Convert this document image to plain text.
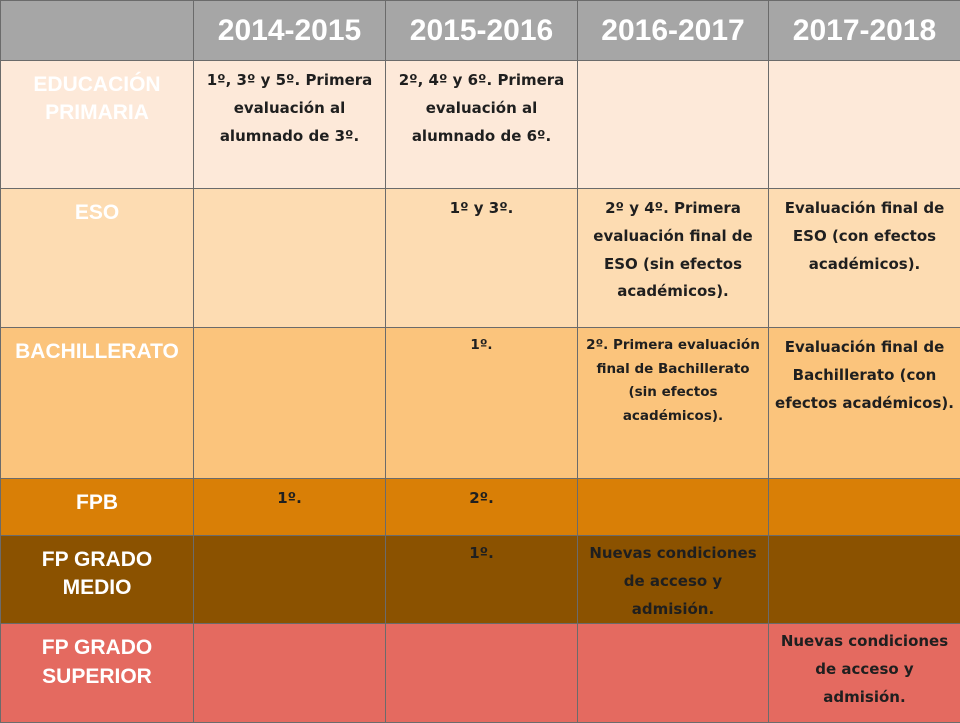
	2014-2015	2015-2016	2016-2017	2017-2018
EDUCACIÓN PRIMARIA	1º, 3º y 5º. Primera evaluación al alumnado de 3º.	2º, 4º y 6º. Primera evaluación al alumnado de 6º.		
ESO		1º y 3º.	2º y 4º. Primera evaluación final de ESO (sin efectos académicos).	Evaluación final de ESO (con efectos académicos).
BACHILLERATO		1º.	2º. Primera evaluación final de Bachillerato (sin efectos académicos).	Evaluación final de Bachillerato (con efectos académicos).
FPB	1º.	2º.		
FP GRADO MEDIO		1º.	Nuevas condiciones de acceso y admisión.	
FP GRADO SUPERIOR				Nuevas condiciones de acceso y admisión.
